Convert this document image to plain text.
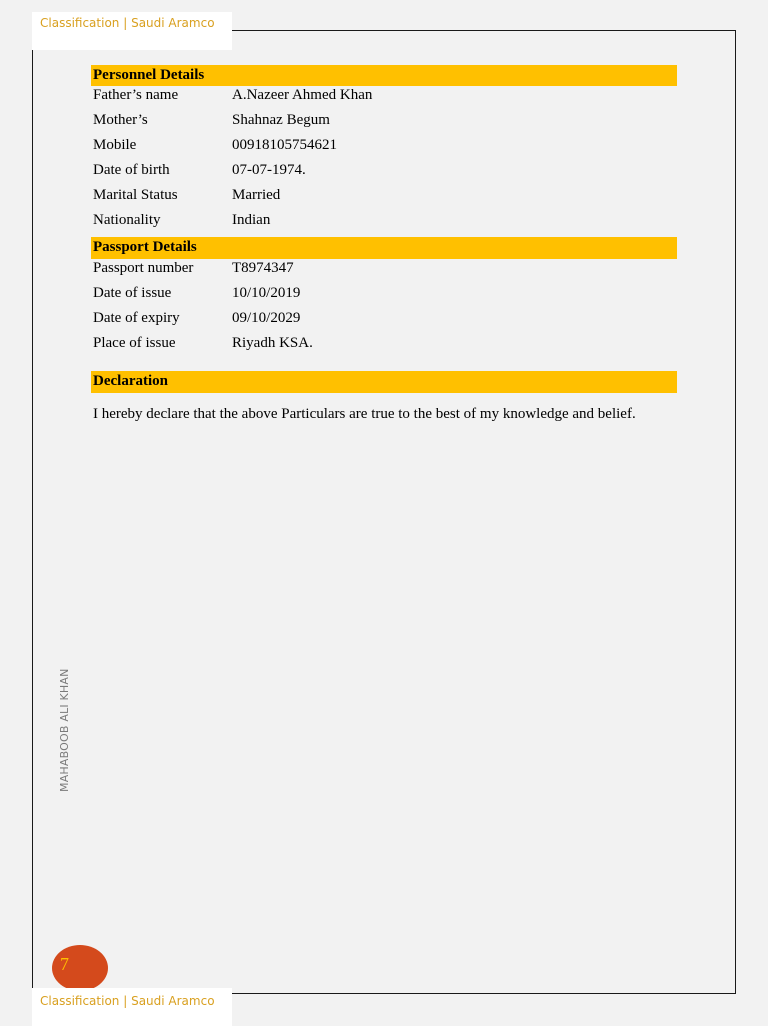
Classification | Saudi Aramco
Personnel Details
Father’s name	A.Nazeer Ahmed Khan
Mother’s	Shahnaz Begum
Mobile	00918105754621
Date of birth	07-07-1974.
Marital Status	Married
Nationality	Indian
Passport Details
Passport number	T8974347
Date of issue	10/10/2019
Date of expiry	09/10/2029
Place of issue	Riyadh KSA.
Declaration
I hereby declare that the above Particulars are true to the best of my knowledge and belief.
MAHABOOB ALI KHAN
7
Classification | Saudi Aramco
